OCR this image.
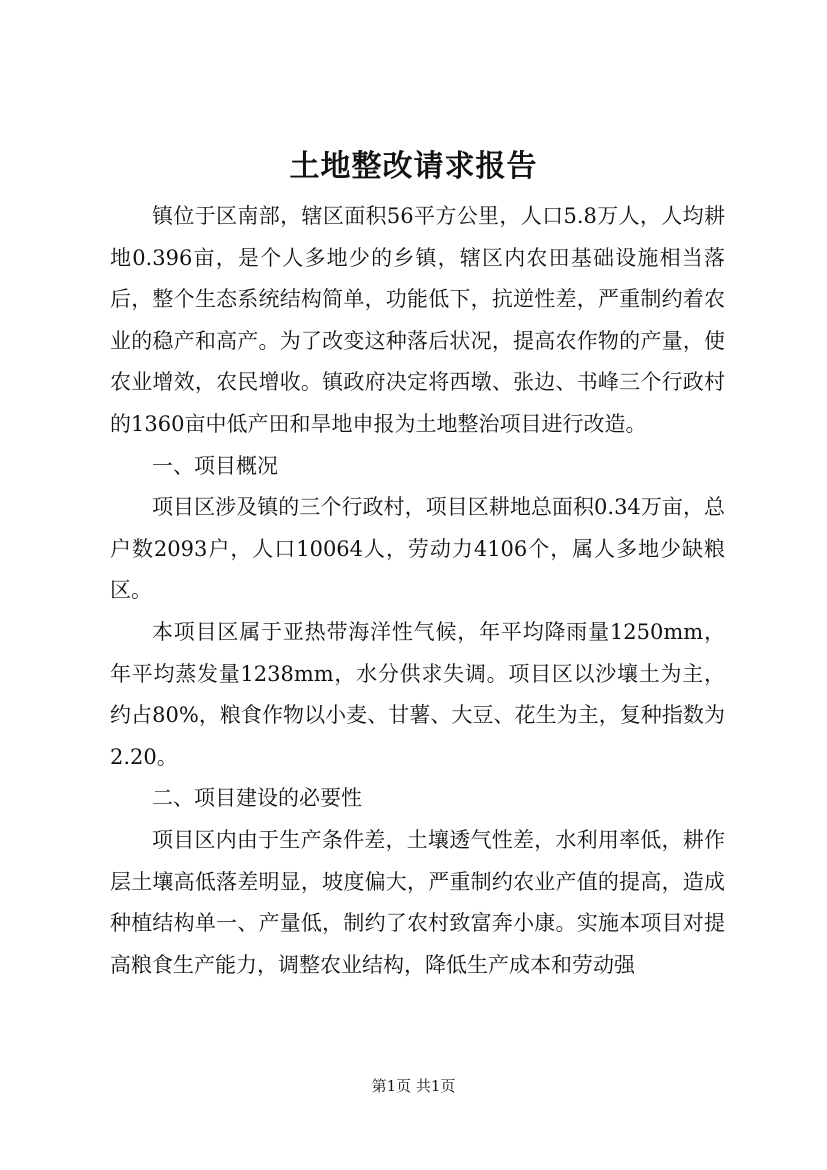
土地整改请求报告

镇位于区南部，辖区面积56平方公里，人口5.8万人，人均耕地0.396亩，是个人多地少的乡镇，辖区内农田基础设施相当落后，整个生态系统结构简单，功能低下，抗逆性差，严重制约着农业的稳产和高产。为了改变这种落后状况，提高农作物的产量，使农业增效，农民增收。镇政府决定将西墩、张边、书峰三个行政村的1360亩中低产田和旱地申报为土地整治项目进行改造。

一、项目概况

项目区涉及镇的三个行政村，项目区耕地总面积0.34万亩，总户数2093户，人口10064人，劳动力4106个，属人多地少缺粮区。

本项目区属于亚热带海洋性气候，年平均降雨量1250mm，年平均蒸发量1238mm，水分供求失调。项目区以沙壤土为主，约占80%，粮食作物以小麦、甘薯、大豆、花生为主，复种指数为2.20。

二、项目建设的必要性

项目区内由于生产条件差，土壤透气性差，水利用率低，耕作层土壤高低落差明显，坡度偏大，严重制约农业产值的提高，造成种植结构单一、产量低，制约了农村致富奔小康。实施本项目对提高粮食生产能力，调整农业结构，降低生产成本和劳动强

第1页 共1页
